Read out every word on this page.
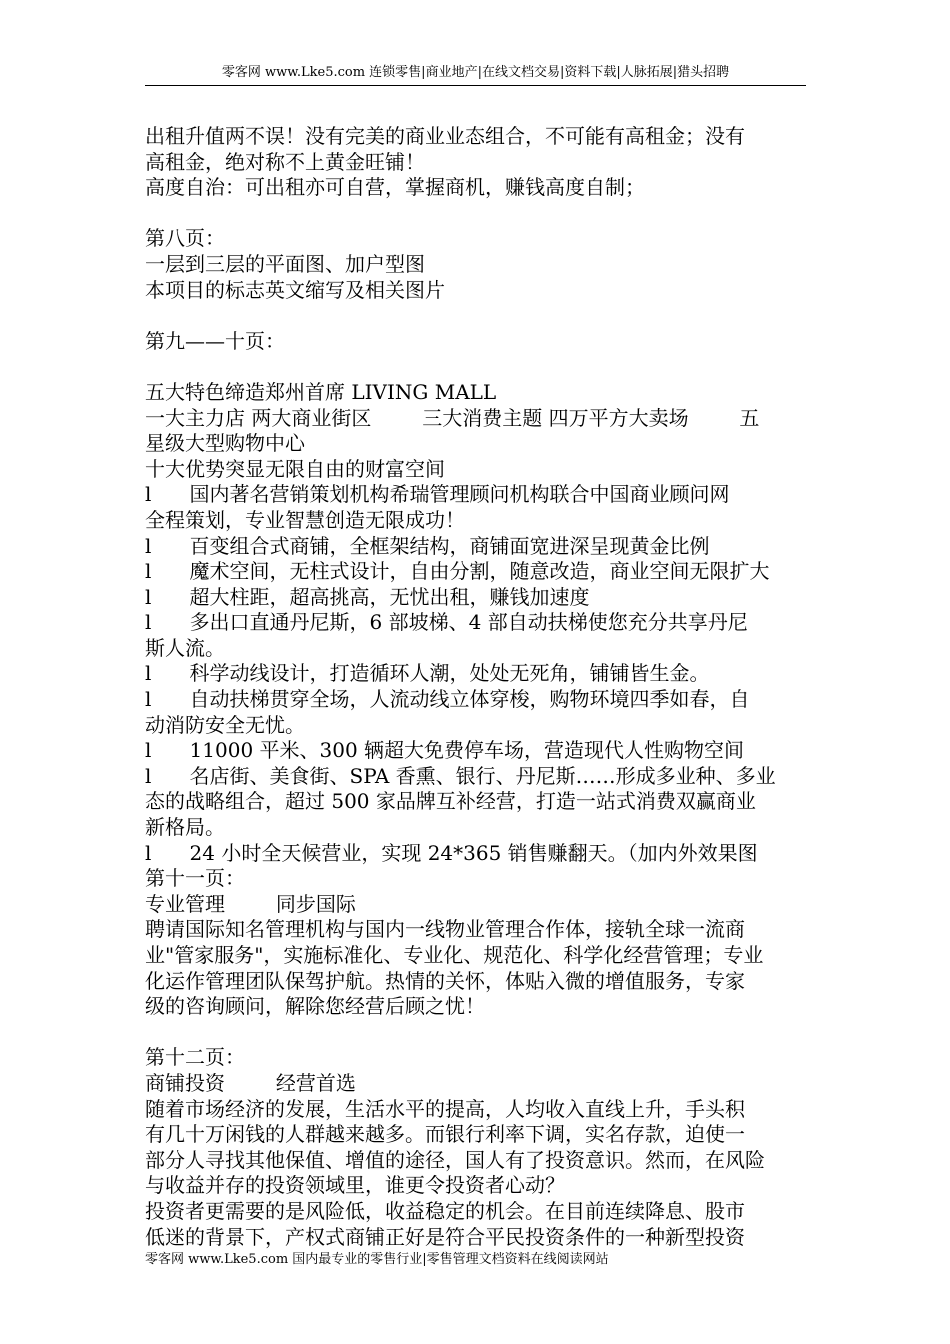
零客网 www.Lke5.com 连锁零售|商业地产|在线文档交易|资料下载|人脉拓展|猎头招聘
出租升值两不误！没有完美的商业业态组合，不可能有高租金；没有
高租金，绝对称不上黄金旺铺！
高度自治：可出租亦可自营，掌握商机，赚钱高度自制；
第八页：
一层到三层的平面图、加户型图
本项目的标志英文缩写及相关图片
第九——十页：
五大特色缔造郑州首席 LIVING MALL
一大主力店 两大商业街区        三大消费主题 四万平方大卖场        五
星级大型购物中心
十大优势突显无限自由的财富空间
l      国内著名营销策划机构希瑞管理顾问机构联合中国商业顾问网
全程策划，专业智慧创造无限成功！
l      百变组合式商铺，全框架结构，商铺面宽进深呈现黄金比例
l      魔术空间，无柱式设计，自由分割，随意改造，商业空间无限扩大
l      超大柱距，超高挑高，无忧出租，赚钱加速度
l      多出口直通丹尼斯，6 部坡梯、4 部自动扶梯使您充分共享丹尼
斯人流。
l      科学动线设计，打造循环人潮，处处无死角，铺铺皆生金。
l      自动扶梯贯穿全场，人流动线立体穿梭，购物环境四季如春，自
动消防安全无忧。
l      11000 平米、300 辆超大免费停车场，营造现代人性购物空间
l      名店街、美食街、SPA 香熏、银行、丹尼斯……形成多业种、多业
态的战略组合，超过 500 家品牌互补经营，打造一站式消费双赢商业
新格局。
l      24 小时全天候营业，实现 24*365 销售赚翻天。（加内外效果图
第十一页：
专业管理        同步国际
聘请国际知名管理机构与国内一线物业管理合作体，接轨全球一流商
业"管家服务"，实施标准化、专业化、规范化、科学化经营管理；专业
化运作管理团队保驾护航。热情的关怀，体贴入微的增值服务，专家
级的咨询顾问，解除您经营后顾之忧！
第十二页：
商铺投资        经营首选
随着市场经济的发展，生活水平的提高，人均收入直线上升，手头积
有几十万闲钱的人群越来越多。而银行利率下调，实名存款，迫使一
部分人寻找其他保值、增值的途径，国人有了投资意识。然而，在风险
与收益并存的投资领域里，谁更令投资者心动？
投资者更需要的是风险低，收益稳定的机会。在目前连续降息、股市
低迷的背景下，产权式商铺正好是符合平民投资条件的一种新型投资
零客网 www.Lke5.com 国内最专业的零售行业|零售管理文档资料在线阅读网站
